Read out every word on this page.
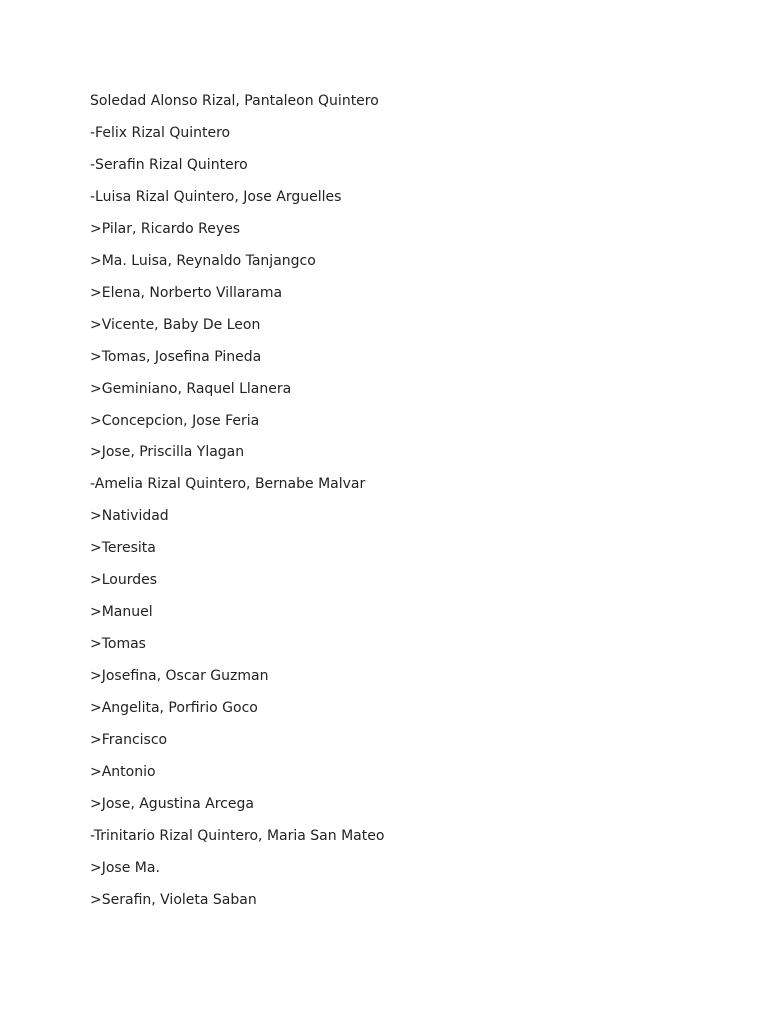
Soledad Alonso Rizal, Pantaleon Quintero
-Felix Rizal Quintero
-Serafin Rizal Quintero
-Luisa Rizal Quintero, Jose Arguelles
>Pilar, Ricardo Reyes
>Ma. Luisa, Reynaldo Tanjangco
>Elena, Norberto Villarama
>Vicente, Baby De Leon
>Tomas, Josefina Pineda
>Geminiano, Raquel Llanera
>Concepcion, Jose Feria
>Jose, Priscilla Ylagan
-Amelia Rizal Quintero, Bernabe Malvar
>Natividad
>Teresita
>Lourdes
>Manuel
>Tomas
>Josefina, Oscar Guzman
>Angelita, Porfirio Goco
>Francisco
>Antonio
>Jose, Agustina Arcega
-Trinitario Rizal Quintero, Maria San Mateo
>Jose Ma.
>Serafin, Violeta Saban
